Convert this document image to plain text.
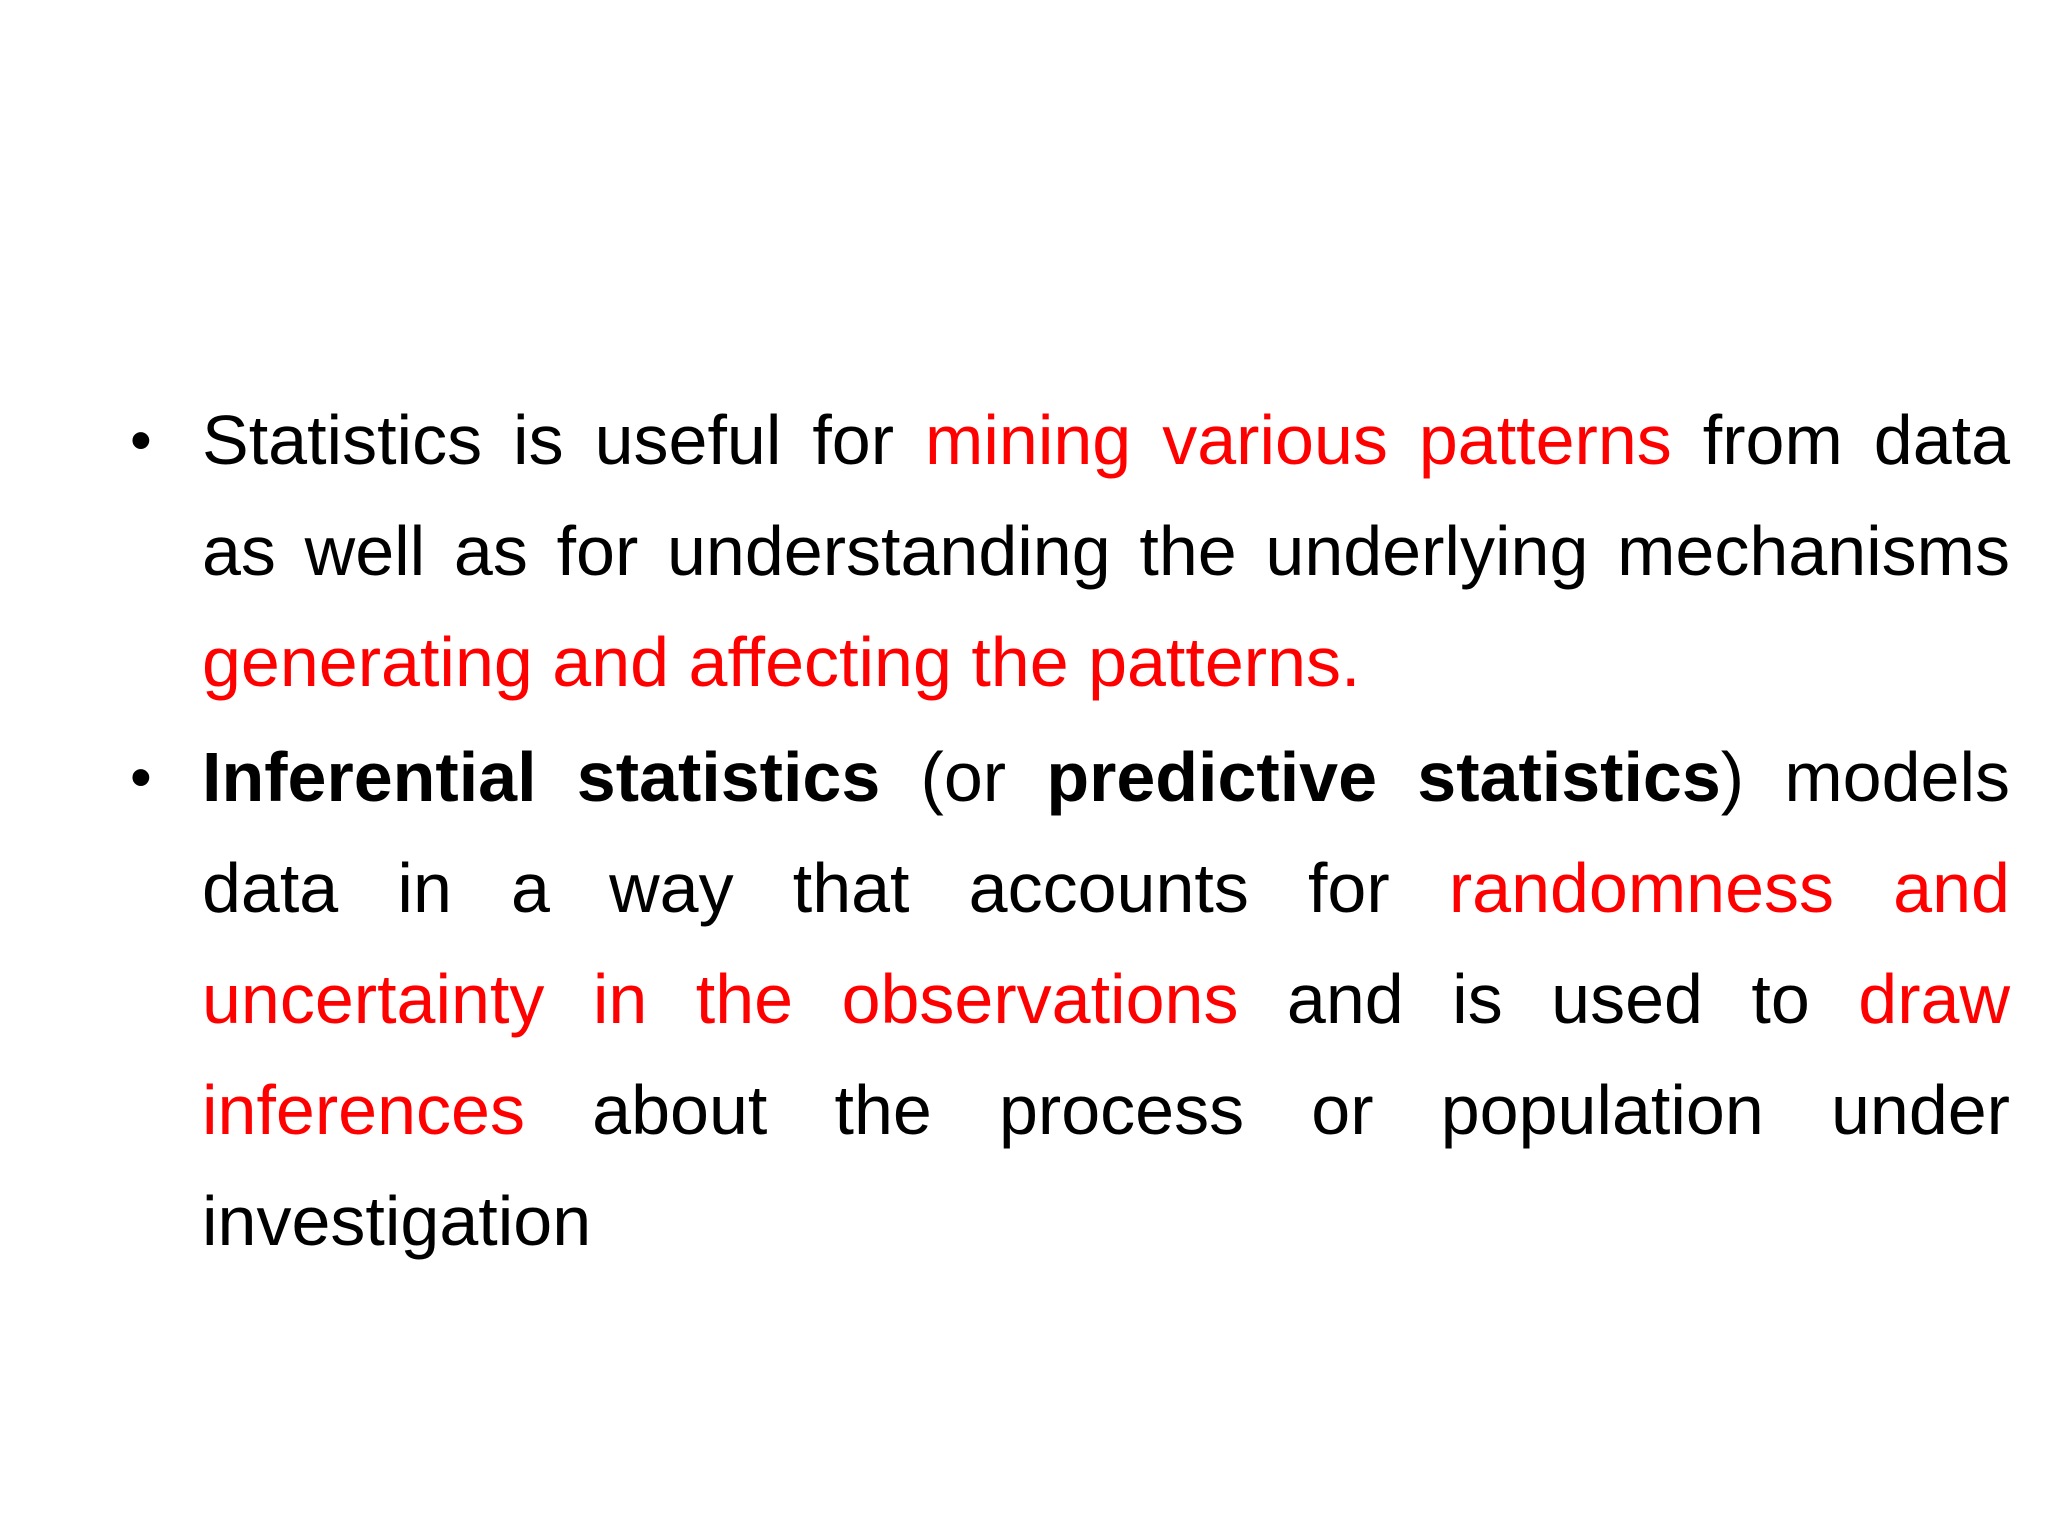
• Statistics is useful for mining various patterns from data as well as for understanding the underlying mechanisms generating and affecting the patterns.

• Inferential statistics (or predictive statistics) models data in a way that accounts for randomness and uncertainty in the observations and is used to draw inferences about the process or population under investigation
